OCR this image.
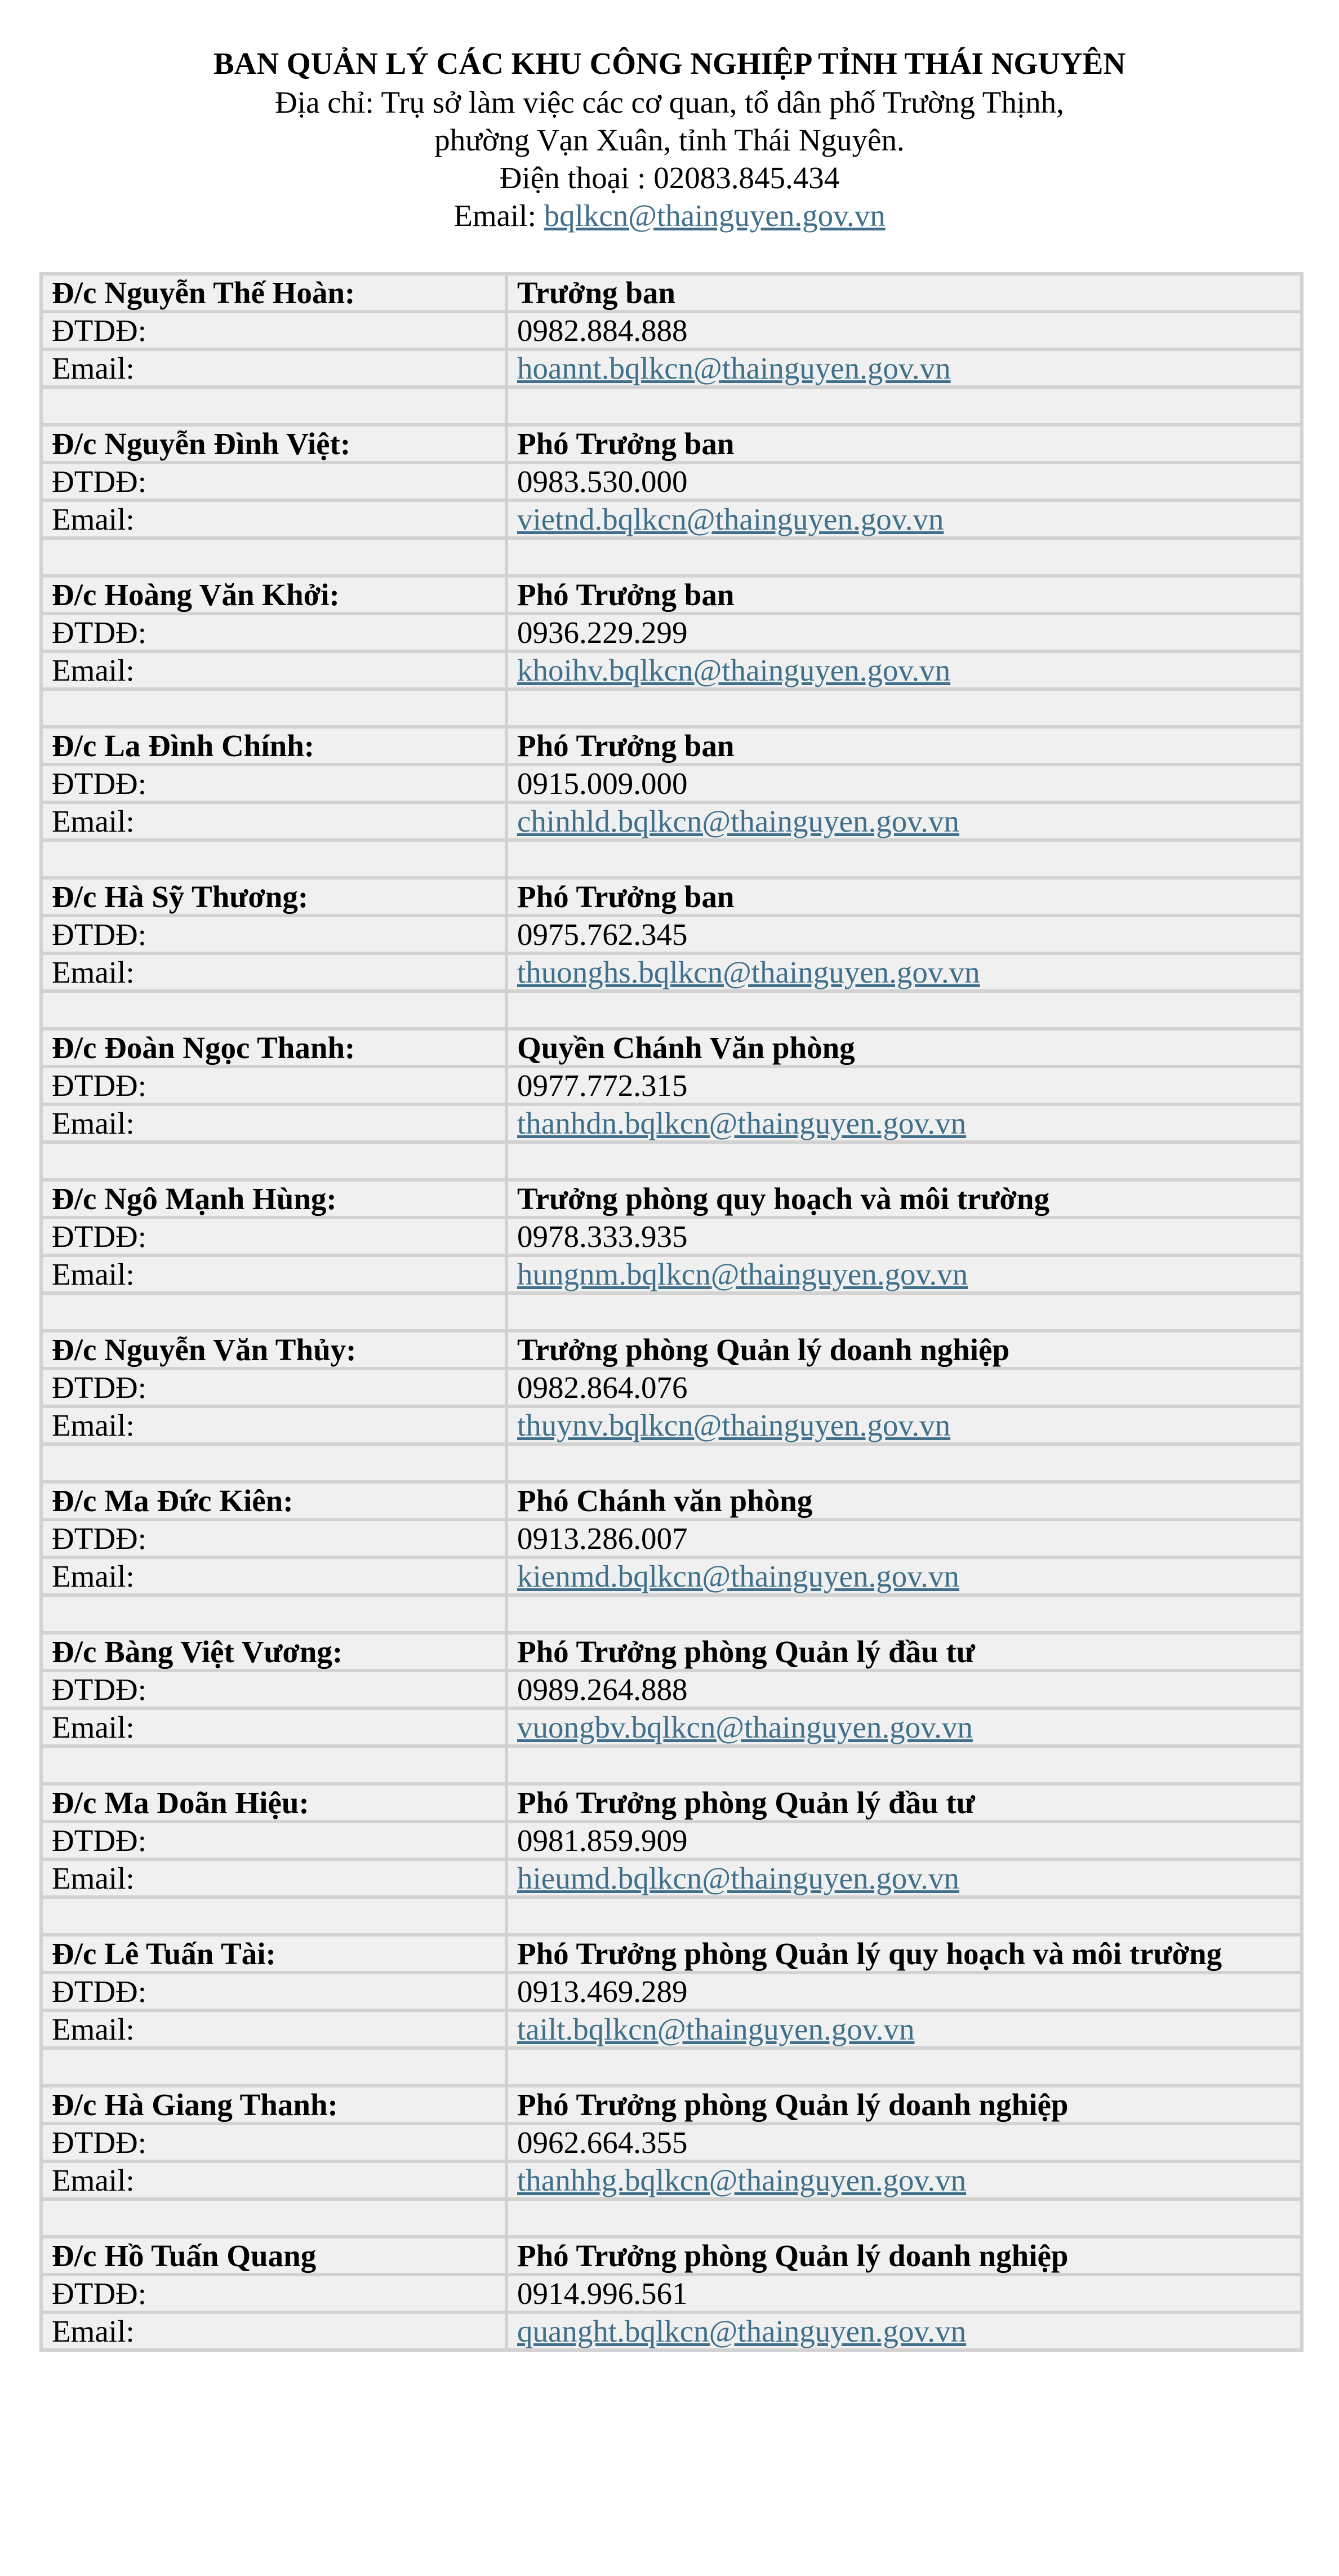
BAN QUẢN LÝ CÁC KHU CÔNG NGHIỆP TỈNH THÁI NGUYÊN
Địa chỉ: Trụ sở làm việc các cơ quan, tổ dân phố Trường Thịnh,
phường Vạn Xuân, tỉnh Thái Nguyên.
Điện thoại : 02083.845.434
Email: bqlkcn@thainguyen.gov.vn
Đ/c Nguyễn Thế Hoàn:	Trưởng ban
ĐTDĐ:	0982.884.888
Email:	hoannt.bqlkcn@thainguyen.gov.vn

Đ/c Nguyễn Đình Việt:	Phó Trưởng ban
ĐTDĐ:	0983.530.000
Email:	vietnd.bqlkcn@thainguyen.gov.vn

Đ/c Hoàng Văn Khởi:	Phó Trưởng ban
ĐTDĐ:	0936.229.299
Email:	khoihv.bqlkcn@thainguyen.gov.vn

Đ/c La Đình Chính:	Phó Trưởng ban
ĐTDĐ:	0915.009.000
Email:	chinhld.bqlkcn@thainguyen.gov.vn

Đ/c Hà Sỹ Thương:	Phó Trưởng ban
ĐTDĐ:	0975.762.345
Email:	thuonghs.bqlkcn@thainguyen.gov.vn

Đ/c Đoàn Ngọc Thanh:	Quyền Chánh Văn phòng
ĐTDĐ:	0977.772.315
Email:	thanhdn.bqlkcn@thainguyen.gov.vn

Đ/c Ngô Mạnh Hùng:	Trưởng phòng quy hoạch và môi trường
ĐTDĐ:	0978.333.935
Email:	hungnm.bqlkcn@thainguyen.gov.vn

Đ/c Nguyễn Văn Thủy:	Trưởng phòng Quản lý doanh nghiệp
ĐTDĐ:	0982.864.076
Email:	thuynv.bqlkcn@thainguyen.gov.vn

Đ/c Ma Đức Kiên:	Phó Chánh văn phòng
ĐTDĐ:	0913.286.007
Email:	kienmd.bqlkcn@thainguyen.gov.vn

Đ/c Bàng Việt Vương:	Phó Trưởng phòng Quản lý đầu tư
ĐTDĐ:	0989.264.888
Email:	vuongbv.bqlkcn@thainguyen.gov.vn

Đ/c Ma Doãn Hiệu:	Phó Trưởng phòng Quản lý đầu tư
ĐTDĐ:	0981.859.909
Email:	hieumd.bqlkcn@thainguyen.gov.vn

Đ/c Lê Tuấn Tài:	Phó Trưởng phòng Quản lý quy hoạch và môi trường
ĐTDĐ:	0913.469.289
Email:	tailt.bqlkcn@thainguyen.gov.vn

Đ/c Hà Giang Thanh:	Phó Trưởng phòng Quản lý doanh nghiệp
ĐTDĐ:	0962.664.355
Email:	thanhhg.bqlkcn@thainguyen.gov.vn

Đ/c Hồ Tuấn Quang	Phó Trưởng phòng Quản lý doanh nghiệp
ĐTDĐ:	0914.996.561
Email:	quanght.bqlkcn@thainguyen.gov.vn
